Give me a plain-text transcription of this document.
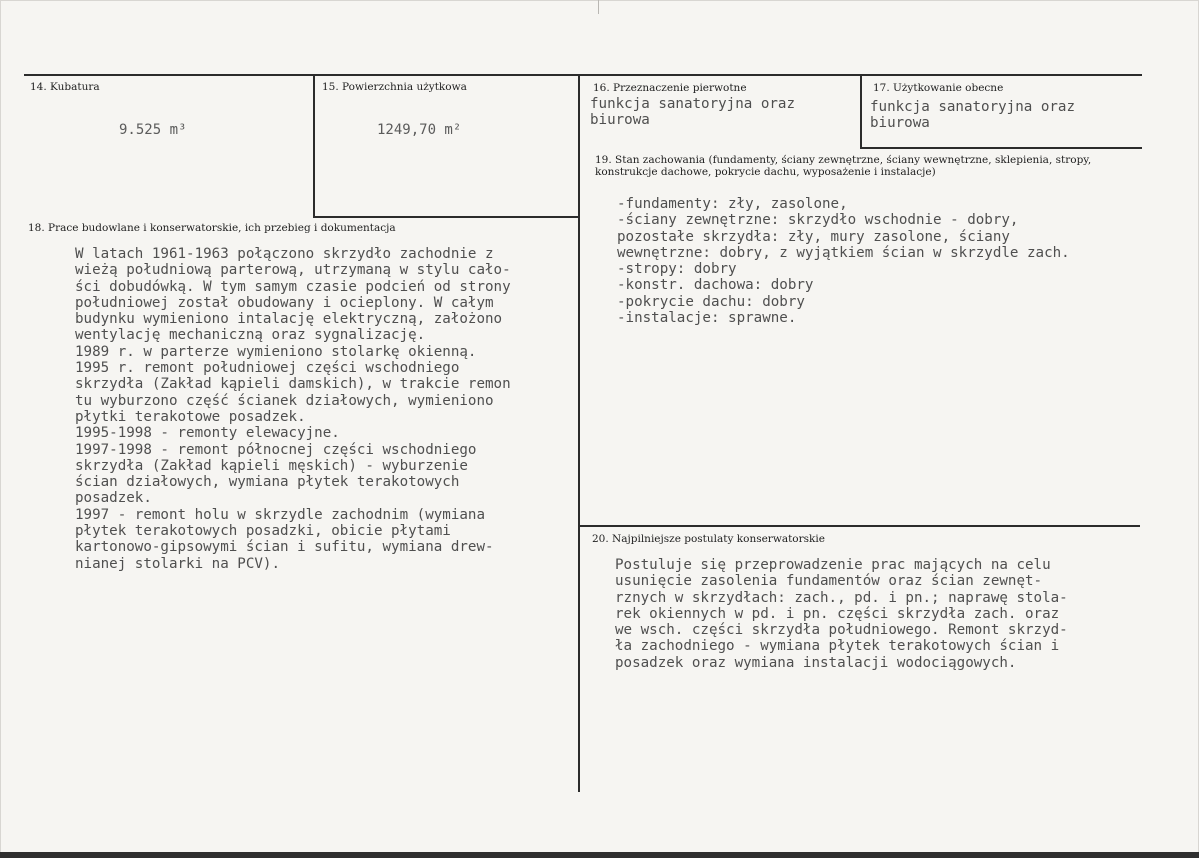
14. Kubatura
9.525 m³
15. Powierzchnia użytkowa
1249,70 m²
16. Przeznaczenie pierwotne
funkcja sanatoryjna oraz
biurowa
17. Użytkowanie obecne
funkcja sanatoryjna oraz
biurowa
18. Prace budowlane i konserwatorskie, ich przebieg i dokumentacja
W latach 1961-1963 połączono skrzydło zachodnie z
wieżą południową parterową, utrzymaną w stylu cało-
ści dobudówką. W tym samym czasie podcień od strony
południowej został obudowany i ocieplony. W całym
budynku wymieniono intalację elektryczną, założono
wentylację mechaniczną oraz sygnalizację.
1989 r. w parterze wymieniono stolarkę okienną.
1995 r. remont południowej części wschodniego
skrzydła (Zakład kąpieli damskich), w trakcie remon
tu wyburzono część ścianek działowych, wymieniono
płytki terakotowe posadzek.
1995-1998 - remonty elewacyjne.
1997-1998 - remont północnej części wschodniego
skrzydła (Zakład kąpieli męskich) - wyburzenie
ścian działowych, wymiana płytek terakotowych
posadzek.
1997 - remont holu w skrzydle zachodnim (wymiana
płytek terakotowych posadzki, obicie płytami
kartonowo-gipsowymi ścian i sufitu, wymiana drew-
nianej stolarki na PCV).
19. Stan zachowania (fundamenty, ściany zewnętrzne, ściany wewnętrzne, sklepienia, stropy, konstrukcje dachowe, pokrycie dachu, wyposażenie i instalacje)
-fundamenty: zły, zasolone,
-ściany zewnętrzne: skrzydło wschodnie - dobry,
pozostałe skrzydła: zły, mury zasolone, ściany
wewnętrzne: dobry, z wyjątkiem ścian w skrzydle zach.
-stropy: dobry
-konstr. dachowa: dobry
-pokrycie dachu: dobry
-instalacje: sprawne.
20. Najpilniejsze postulaty konserwatorskie
Postuluje się przeprowadzenie prac mających na celu
usunięcie zasolenia fundamentów oraz ścian zewnęt-
rznych w skrzydłach: zach., pd. i pn.; naprawę stola-
rek okiennych w pd. i pn. części skrzydła zach. oraz
we wsch. części skrzydła południowego. Remont skrzyd-
ła zachodniego - wymiana płytek terakotowych ścian i
posadzek oraz wymiana instalacji wodociągowych.
